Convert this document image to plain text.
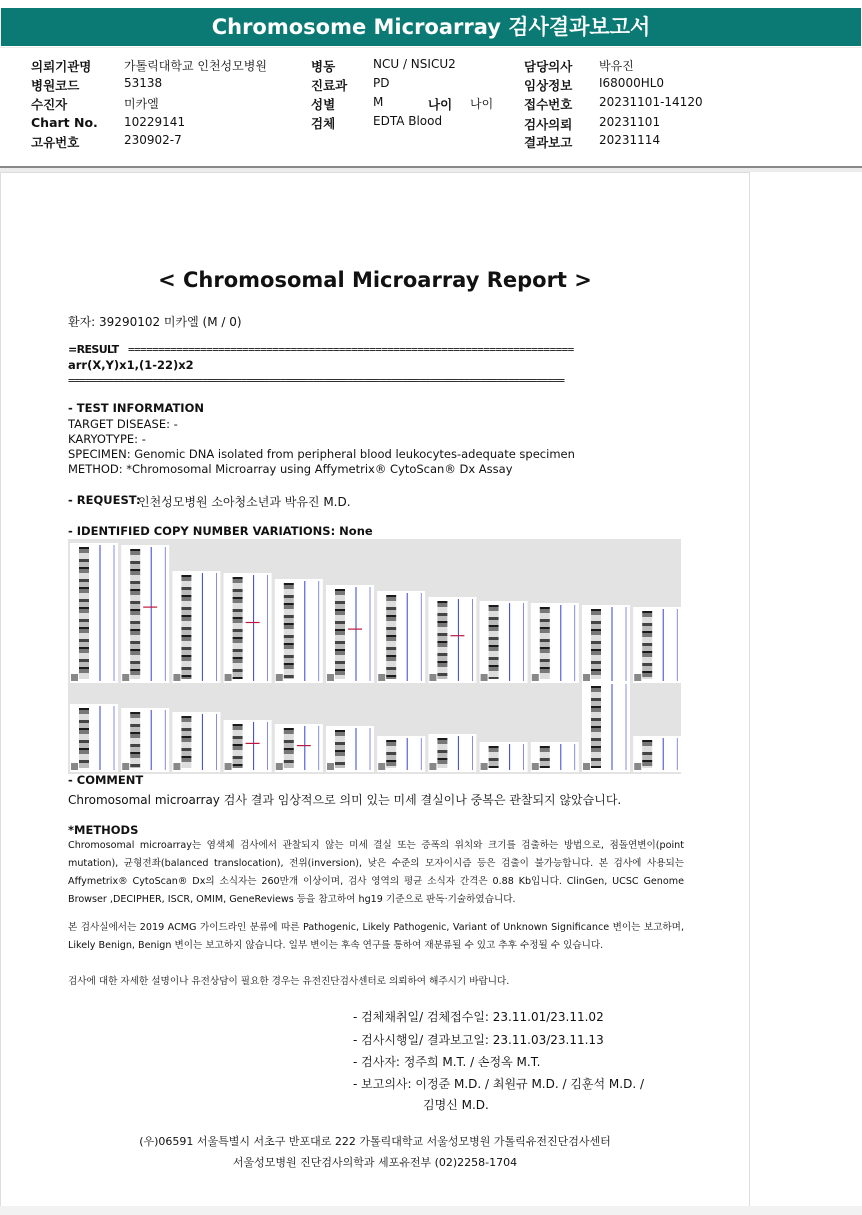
Chromosome Microarray 검사결과보고서
의뢰기관명	가톨릭대학교 인천성모병원
병원코드	53138
수진자	미카엘
Chart No. 10229141
고유번호	230902-7
병동	NCU / NSICU2
진료과 PD
성별	M	나이 나이
검체	EDTA Blood
담당의사 박유진
임상정보 I68000HL0
접수번호 20231101-14120
검사의뢰 20231101
결과보고 20231114
< Chromosomal Microarray Report >
환자: 39290102 미카엘 (M / 0)
=RESULT ==========================================================================
arr(X,Y)x1,(1-22)x2
=========================================================================================
- TEST INFORMATION
TARGET DISEASE: -
KARYOTYPE: -
SPECIMEN: Genomic DNA isolated from peripheral blood leukocytes-adequate specimen
METHOD: *Chromosomal Microarray using Affymetrix® CytoScan® Dx Assay
- REQUEST:
인천성모병원 소아청소년과 박유진 M.D.
- IDENTIFIED COPY NUMBER VARIATIONS: None
- COMMENT
Chromosomal microarray 검사 결과 임상적으로 의미 있는 미세 결실이나 중복은 관찰되지 않았습니다.
*METHODS
Chromosomal microarray는 염색체 검사에서 관찰되지 않는 미세 결실 또는 증폭의 위치와 크기를 검출하는 방법으로, 점돌연변이(point mutation), 균형전좌(balanced translocation), 전위(inversion), 낮은 수준의 모자이시즘 등은 검출이 불가능합니다. 본 검사에 사용되는 Affymetrix® CytoScan® Dx의 소식자는 260만개 이상이며, 검사 영역의 평균 소식자 간격은 0.88 Kb입니다. ClinGen, UCSC Genome Browser ,DECIPHER, ISCR, OMIM, GeneReviews 등을 참고하여 hg19 기준으로 판독·기술하였습니다.
본 검사실에서는 2019 ACMG 가이드라인 분류에 따른 Pathogenic, Likely Pathogenic, Variant of Unknown Significance 변이는 보고하며, Likely Benign, Benign 변이는 보고하지 않습니다. 일부 변이는 후속 연구를 통하여 재분류될 수 있고 추후 수정될 수 있습니다.
검사에 대한 자세한 설명이나 유전상담이 필요한 경우는 유전진단검사센터로 의뢰하여 해주시기 바랍니다.
- 검체채취일/ 검체접수일: 23.11.01/23.11.02
- 검사시행일/ 결과보고일: 23.11.03/23.11.13
- 검사자: 정주희 M.T. / 손정옥 M.T.
- 보고의사: 이정준 M.D. / 최원규 M.D. / 김훈석 M.D. /
김명신 M.D.
(우)06591 서울특별시 서초구 반포대로 222 가톨릭대학교 서울성모병원 가톨릭유전진단검사센터
서울성모병원 진단검사의학과 세포유전부 (02)2258-1704
